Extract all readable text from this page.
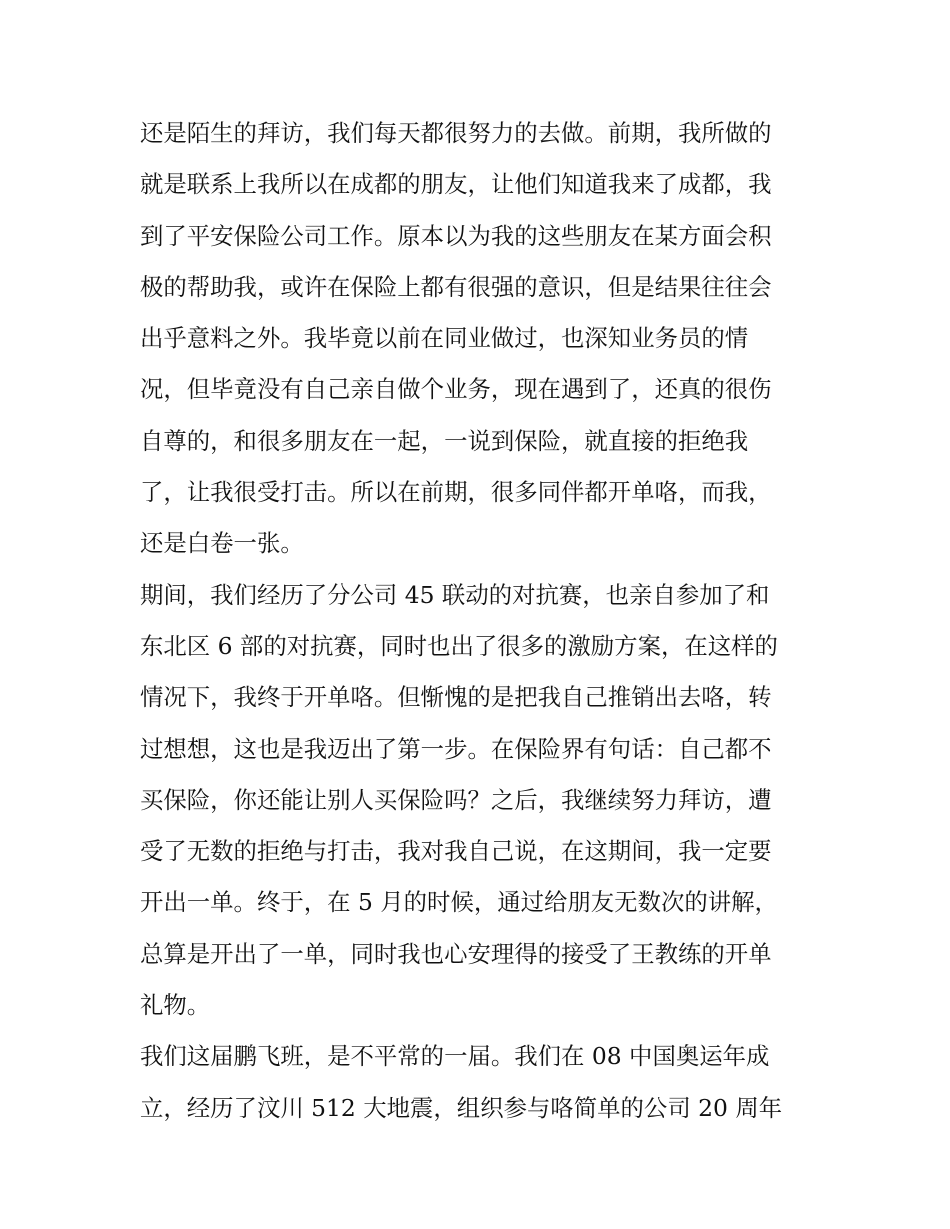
还是陌生的拜访，我们每天都很努力的去做。前期，我所做的
就是联系上我所以在成都的朋友，让他们知道我来了成都，我
到了平安保险公司工作。原本以为我的这些朋友在某方面会积
极的帮助我，或许在保险上都有很强的意识，但是结果往往会
出乎意料之外。我毕竟以前在同业做过，也深知业务员的情
况，但毕竟没有自己亲自做个业务，现在遇到了，还真的很伤
自尊的，和很多朋友在一起，一说到保险，就直接的拒绝我
了，让我很受打击。所以在前期，很多同伴都开单咯，而我，
还是白卷一张。
期间，我们经历了分公司 45 联动的对抗赛，也亲自参加了和
东北区 6 部的对抗赛，同时也出了很多的激励方案，在这样的
情况下，我终于开单咯。但惭愧的是把我自己推销出去咯，转
过想想，这也是我迈出了第一步。在保险界有句话：自己都不
买保险，你还能让别人买保险吗？之后，我继续努力拜访，遭
受了无数的拒绝与打击，我对我自己说，在这期间，我一定要
开出一单。终于，在 5 月的时候，通过给朋友无数次的讲解，
总算是开出了一单，同时我也心安理得的接受了王教练的开单
礼物。
我们这届鹏飞班，是不平常的一届。我们在 08 中国奥运年成
立，经历了汶川 512 大地震，组织参与咯简单的公司 20 周年
